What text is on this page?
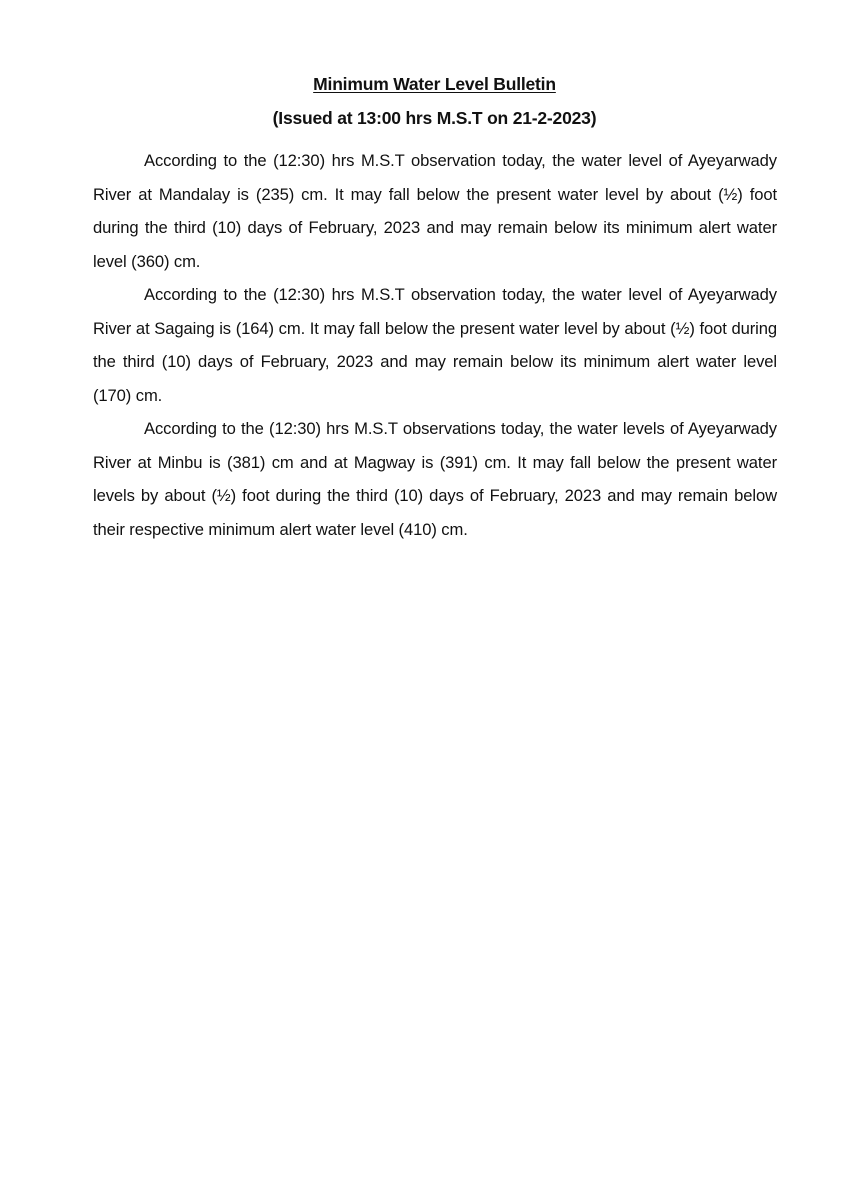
Minimum Water Level Bulletin
(Issued at 13:00 hrs M.S.T on 21-2-2023)

According to the (12:30) hrs M.S.T observation today, the water level of Ayeyarwady River at Mandalay is (235) cm. It may fall below the present water level by about (½) foot during the third (10) days of February, 2023 and may remain below its minimum alert water level (360) cm.

According to the (12:30) hrs M.S.T observation today, the water level of Ayeyarwady River at Sagaing is (164) cm. It may fall below the present water level by about (½) foot during the third (10) days of February, 2023 and may remain below its minimum alert water level (170) cm.

According to the (12:30) hrs M.S.T observations today, the water levels of Ayeyarwady River at Minbu is (381) cm and at Magway is (391) cm. It may fall below the present water levels by about (½) foot during the third (10) days of February, 2023 and may remain below their respective minimum alert water level (410) cm.
